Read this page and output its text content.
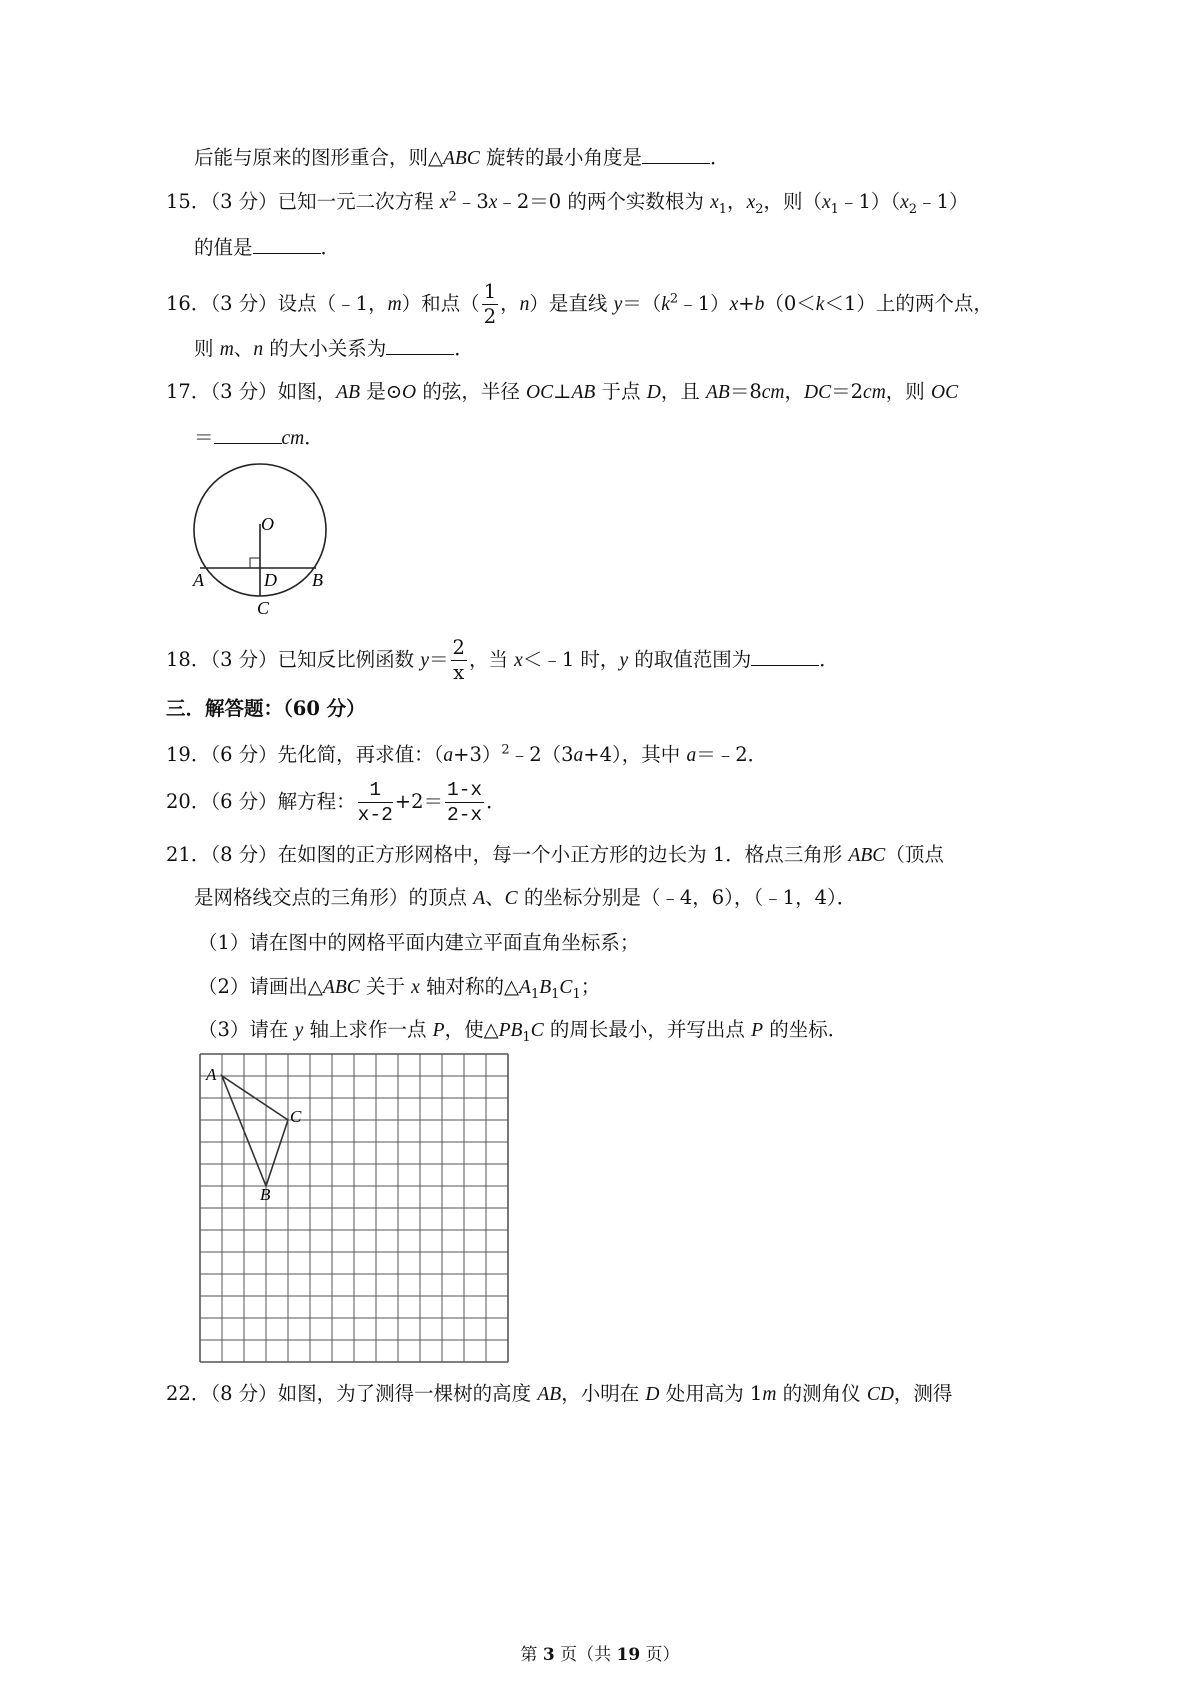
后能与原来的图形重合，则△ABC 旋转的最小角度是	．
15．（3 分）已知一元二次方程 $x^2﹣3x﹣2=0$ 的两个实数根为 $x_1$，$x_2$，则$(x_1﹣1)(x_2﹣1)$
的值是	．
16．（3 分）设点（﹣1，m）和点（ $\frac{1}{2}$ ，n）是直线 $y=(k^2﹣1)x+b(0<k<1)$上的两个点，
则 m、n 的大小关系为	．
17．（3 分）如图，AB 是⊙O 的弦，半径 OC⊥AB 于点 D，且 AB＝8cm，DC＝2cm，则 OC
＝	cm．
O
A	D B
C
18．（3 分）已知反比例函数 $y= \frac{2}{x}$ ，当 x＜﹣1 时，y 的取值范围为	．
三．解答题：（60 分）
19．（6 分）先化简，再求值：$(a+3)^2﹣2(3a+4)$，其中 a＝﹣2．
20．（6 分）解方程： $\frac{1}{x-2} +2= \frac{1-x}{2-x}$ ．
21．（8 分）在如图的正方形网格中，每一个小正方形的边长为 1．格点三角形 ABC（顶点
是网格线交点的三角形）的顶点 A、C 的坐标分别是（﹣4，6），（﹣1，4）．
（1）请在图中的网格平面内建立平面直角坐标系；
（2）请画出△ABC 关于 x 轴对称的$\triangle A_1B_1C_1$；
（3）请在 y 轴上求作一点 P，使$\triangle PB_1C$ 的周长最小，并写出点 P 的坐标．
A
B
C
22．（8 分）如图，为了测得一棵树的高度 AB，小明在 D 处用高为 1m 的测角仪 CD，测得
第 3 页（共 19 页）
